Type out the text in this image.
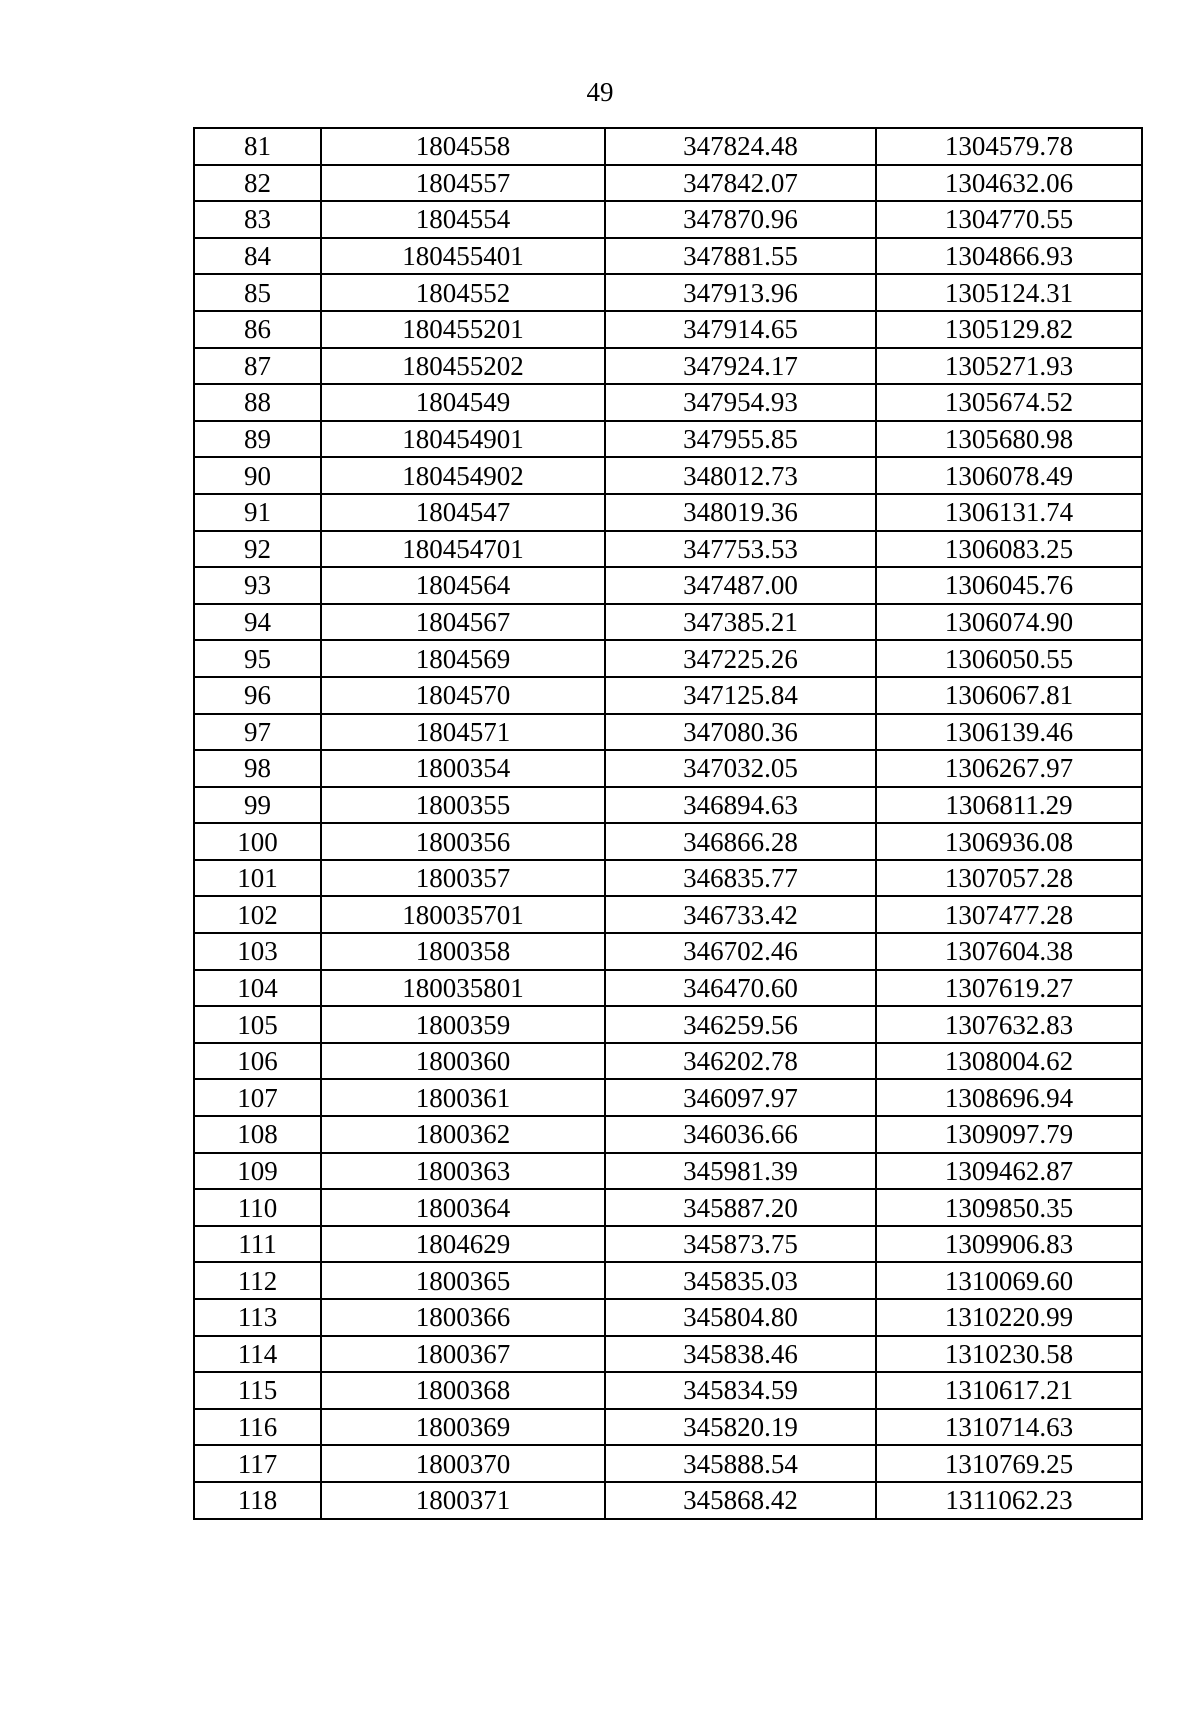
49
81	1804558	347824.48	1304579.78
82	1804557	347842.07	1304632.06
83	1804554	347870.96	1304770.55
84	180455401	347881.55	1304866.93
85	1804552	347913.96	1305124.31
86	180455201	347914.65	1305129.82
87	180455202	347924.17	1305271.93
88	1804549	347954.93	1305674.52
89	180454901	347955.85	1305680.98
90	180454902	348012.73	1306078.49
91	1804547	348019.36	1306131.74
92	180454701	347753.53	1306083.25
93	1804564	347487.00	1306045.76
94	1804567	347385.21	1306074.90
95	1804569	347225.26	1306050.55
96	1804570	347125.84	1306067.81
97	1804571	347080.36	1306139.46
98	1800354	347032.05	1306267.97
99	1800355	346894.63	1306811.29
100	1800356	346866.28	1306936.08
101	1800357	346835.77	1307057.28
102	180035701	346733.42	1307477.28
103	1800358	346702.46	1307604.38
104	180035801	346470.60	1307619.27
105	1800359	346259.56	1307632.83
106	1800360	346202.78	1308004.62
107	1800361	346097.97	1308696.94
108	1800362	346036.66	1309097.79
109	1800363	345981.39	1309462.87
110	1800364	345887.20	1309850.35
111	1804629	345873.75	1309906.83
112	1800365	345835.03	1310069.60
113	1800366	345804.80	1310220.99
114	1800367	345838.46	1310230.58
115	1800368	345834.59	1310617.21
116	1800369	345820.19	1310714.63
117	1800370	345888.54	1310769.25
118	1800371	345868.42	1311062.23
